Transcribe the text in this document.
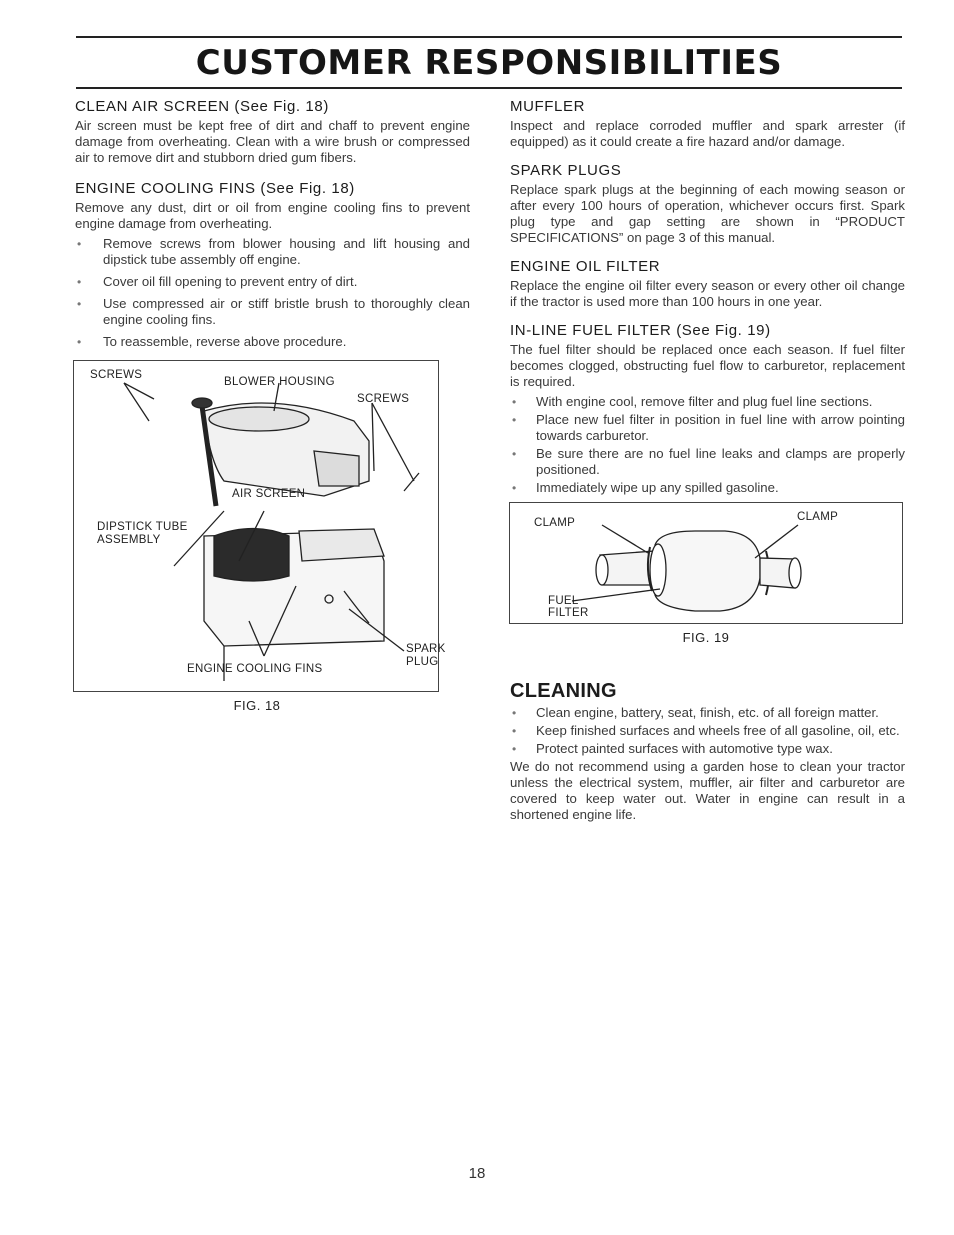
CUSTOMER RESPONSIBILITIES
CLEAN AIR SCREEN (See Fig. 18)

Air screen must be kept free of dirt and chaff to prevent engine damage from overheating. Clean with a wire brush or compressed air to remove dirt and stubborn dried gum fibers.

ENGINE COOLING FINS (See Fig. 18)

Remove any dust, dirt or oil from engine cooling fins to prevent engine damage from overheating.

• Remove screws from blower housing and lift housing and dipstick tube assembly off engine.
• Cover oil fill opening to prevent entry of dirt.
• Use compressed air or stiff bristle brush to thoroughly clean engine cooling fins.
• To reassemble, reverse above procedure.
SCREWS
BLOWER HOUSING
SCREWS
AIR SCREEN
DIPSTICK TUBE
ASSEMBLY
SPARK
PLUG
ENGINE COOLING FINS
FIG. 18
MUFFLER

Inspect and replace corroded muffler and spark arrester (if equipped) as it could create a fire hazard and/or damage.

SPARK PLUGS

Replace spark plugs at the beginning of each mowing season or after every 100 hours of operation, whichever occurs first. Spark plug type and gap setting are shown in “PRODUCT SPECIFICATIONS” on page 3 of this manual.

ENGINE OIL FILTER

Replace the engine oil filter every season or every other oil change if the tractor is used more than 100 hours in one year.

IN-LINE FUEL FILTER (See Fig. 19)

The fuel filter should be replaced once each season. If fuel filter becomes clogged, obstructing fuel flow to carburetor, replacement is required.

• With engine cool, remove filter and plug fuel line sections.
• Place new fuel filter in position in fuel line with arrow pointing towards carburetor.
• Be sure there are no fuel line leaks and clamps are properly positioned.
• Immediately wipe up any spilled gasoline.
CLAMP	CLAMP
FUEL
FILTER
FIG. 19
CLEANING
• Clean engine, battery, seat, finish, etc. of all foreign matter.
• Keep finished surfaces and wheels free of all gasoline, oil, etc.
• Protect painted surfaces with automotive type wax.

We do not recommend using a garden hose to clean your tractor unless the electrical system, muffler, air filter and carburetor are covered to keep water out. Water in engine can result in a shortened engine life.

18
